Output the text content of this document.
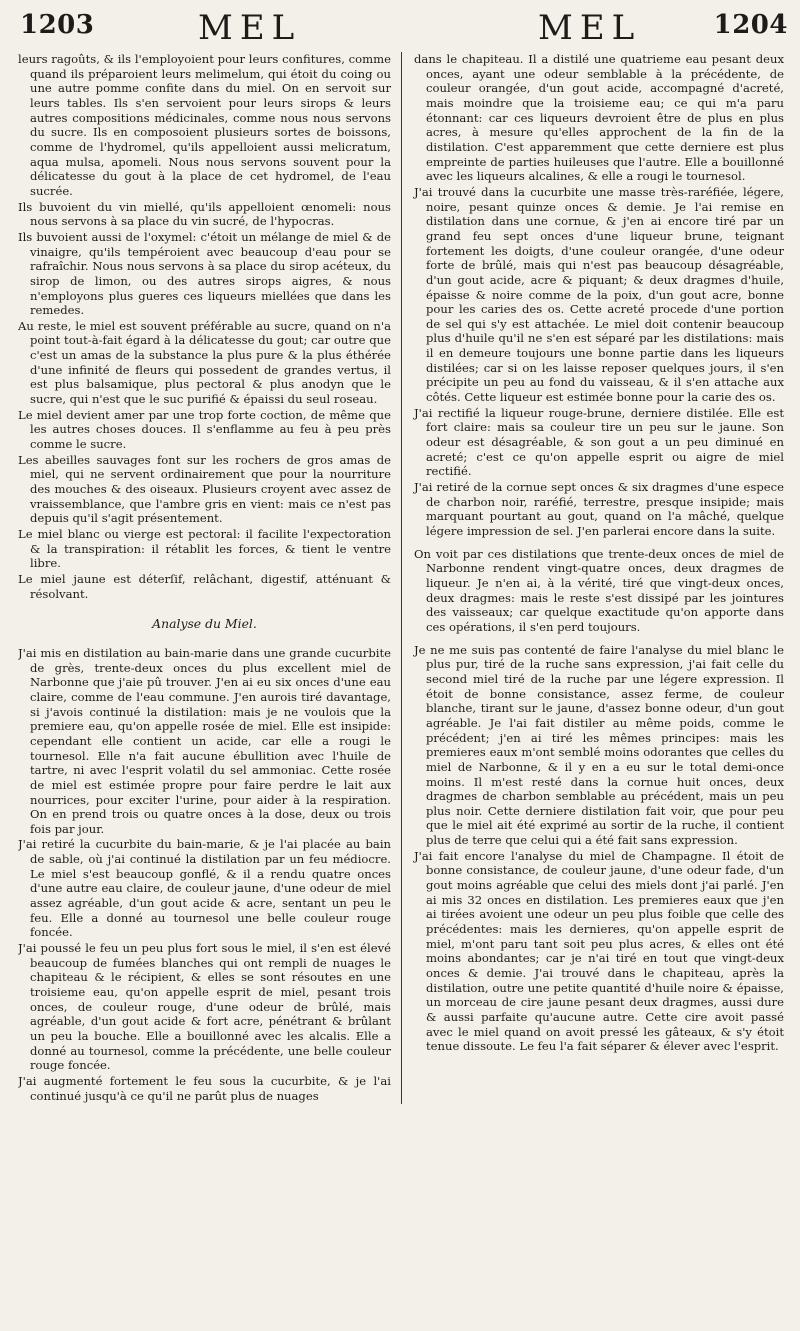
1203	MEL	MEL	1204

leurs ragoûts, & ils l'employoient pour leurs confitures, comme quand ils préparoient leurs melimelum, qui étoit du coing ou une autre pomme confite dans du miel. On en servoit sur leurs tables. Ils s'en servoient pour leurs sirops & leurs autres compositions médicinales, comme nous nous servons du sucre. Ils en composoient plusieurs sortes de boissons, comme de l'hydromel, qu'ils appelloient aussi melicratum, aqua mulsa, apomeli. Nous nous servons souvent pour la délicatesse du gout à la place de cet hydromel, de l'eau sucrée.

Ils buvoient du vin miellé, qu'ils appelloient œnomeli: nous nous servons à sa place du vin sucré, de l'hypocras.

Ils buvoient aussi de l'oxymel: c'étoit un mélange de miel & de vinaigre, qu'ils tempéroient avec beaucoup d'eau pour se rafraîchir. Nous nous servons à sa place du sirop acéteux, du sirop de limon, ou des autres sirops aigres, & nous n'employons plus gueres ces liqueurs miellées que dans les remedes.

Au reste, le miel est souvent préférable au sucre, quand on n'a point tout-à-fait égard à la délicatesse du gout; car outre que c'est un amas de la substance la plus pure & la plus éthérée d'une infinité de fleurs qui possedent de grandes vertus, il est plus balsamique, plus pectoral & plus anodyn que le sucre, qui n'est que le suc purifié & épaissi du seul roseau.

Le miel devient amer par une trop forte coction, de même que les autres choses douces. Il s'enflamme au feu à peu près comme le sucre.

Les abeilles sauvages font sur les rochers de gros amas de miel, qui ne servent ordinairement que pour la nourriture des mouches & des oiseaux. Plusieurs croyent avec assez de vraissemblance, que l'ambre gris en vient: mais ce n'est pas depuis qu'il s'agit présentement.

Le miel blanc ou vierge est pectoral: il facilite l'expectoration & la transpiration: il rétablit les forces, & tient le ventre libre.

Le miel jaune est déterſif, relâchant, digestif, atténuant & résolvant.

Analyse du Miel.

J'ai mis en distilation au bain-marie dans une grande cucurbite de grès, trente-deux onces du plus excellent miel de Narbonne que j'aie pû trouver. J'en ai eu six onces d'une eau claire, comme de l'eau commune. J'en aurois tiré davantage, si j'avois continué la distilation: mais je ne voulois que la premiere eau, qu'on appelle rosée de miel. Elle est insipide: cependant elle contient un acide, car elle a rougi le tournesol. Elle n'a fait aucune ébullition avec l'huile de tartre, ni avec l'esprit volatil du sel ammoniac. Cette rosée de miel est estimée propre pour faire perdre le lait aux nourrices, pour exciter l'urine, pour aider à la respiration. On en prend trois ou quatre onces à la dose, deux ou trois fois par jour.

J'ai retiré la cucurbite du bain-marie, & je l'ai placée au bain de sable, où j'ai continué la distilation par un feu médiocre. Le miel s'est beaucoup gonflé, & il a rendu quatre onces d'une autre eau claire, de couleur jaune, d'une odeur de miel assez agréable, d'un gout acide & acre, sentant un peu le feu. Elle a donné au tournesol une belle couleur rouge foncée.

J'ai poussé le feu un peu plus fort sous le miel, il s'en est élevé beaucoup de fumées blanches qui ont rempli de nuages le chapiteau & le récipient, & elles se sont résoutes en une troisieme eau, qu'on appelle esprit de miel, pesant trois onces, de couleur rouge, d'une odeur de brûlé, mais agréable, d'un gout acide & fort acre, pénétrant & brûlant un peu la bouche. Elle a bouillonné avec les alcalis. Elle a donné au tournesol, comme la précédente, une belle couleur rouge foncée.

J'ai augmenté fortement le feu sous la cucurbite, & je l'ai continué jusqu'à ce qu'il ne parût plus de nuages

dans le chapiteau. Il a distilé une quatrieme eau pesant deux onces, ayant une odeur semblable à la précédente, de couleur orangée, d'un gout acide, accompagné d'acreté, mais moindre que la troisieme eau; ce qui m'a paru étonnant: car ces liqueurs devroient être de plus en plus acres, à mesure qu'elles approchent de la fin de la distilation. C'est apparemment que cette derniere est plus empreinte de parties huileuses que l'autre. Elle a bouillonné avec les liqueurs alcalines, & elle a rougi le tournesol.

J'ai trouvé dans la cucurbite une masse très-raréfiée, légere, noire, pesant quinze onces & demie. Je l'ai remise en distilation dans une cornue, & j'en ai encore tiré par un grand feu sept onces d'une liqueur brune, teignant fortement les doigts, d'une couleur orangée, d'une odeur forte de brûlé, mais qui n'est pas beaucoup désagréable, d'un gout acide, acre & piquant; & deux dragmes d'huile, épaisse & noire comme de la poix, d'un gout acre, bonne pour les caries des os. Cette acreté procede d'une portion de sel qui s'y est attachée. Le miel doit contenir beaucoup plus d'huile qu'il ne s'en est séparé par les distilations: mais il en demeure toujours une bonne partie dans les liqueurs distilées; car si on les laisse reposer quelques jours, il s'en précipite un peu au fond du vaisseau, & il s'en attache aux côtés. Cette liqueur est estimée bonne pour la carie des os.

J'ai rectifié la liqueur rouge-brune, derniere distilée. Elle est fort claire: mais sa couleur tire un peu sur le jaune. Son odeur est désagréable, & son gout a un peu diminué en acreté; c'est ce qu'on appelle esprit ou aigre de miel rectifié.

J'ai retiré de la cornue sept onces & six dragmes d'une espece de charbon noir, raréfié, terrestre, presque insipide; mais marquant pourtant au gout, quand on l'a mâché, quelque légere impression de sel. J'en parlerai encore dans la suite.

On voit par ces distilations que trente-deux onces de miel de Narbonne rendent vingt-quatre onces, deux dragmes de liqueur. Je n'en ai, à la vérité, tiré que vingt-deux onces, deux dragmes: mais le reste s'est dissipé par les jointures des vaisseaux; car quelque exactitude qu'on apporte dans ces opérations, il s'en perd toujours.

Je ne me suis pas contenté de faire l'analyse du miel blanc le plus pur, tiré de la ruche sans expression, j'ai fait celle du second miel tiré de la ruche par une légere expression. Il étoit de bonne consistance, assez ferme, de couleur blanche, tirant sur le jaune, d'assez bonne odeur, d'un gout agréable. Je l'ai fait distiler au même poids, comme le précédent; j'en ai tiré les mêmes principes: mais les premieres eaux m'ont semblé moins odorantes que celles du miel de Narbonne, & il y en a eu sur le total demi-once moins. Il m'est resté dans la cornue huit onces, deux dragmes de charbon semblable au précédent, mais un peu plus noir. Cette derniere distilation fait voir, que pour peu que le miel ait été exprimé au sortir de la ruche, il contient plus de terre que celui qui a été fait sans expression.

J'ai fait encore l'analyse du miel de Champagne. Il étoit de bonne consistance, de couleur jaune, d'une odeur fade, d'un gout moins agréable que celui des miels dont j'ai parlé. J'en ai mis 32 onces en distilation. Les premieres eaux que j'en ai tirées avoient une odeur un peu plus foible que celle des précédentes: mais les dernieres, qu'on appelle esprit de miel, m'ont paru tant soit peu plus acres, & elles ont été moins abondantes; car je n'ai tiré en tout que vingt-deux onces & demie. J'ai trouvé dans le chapiteau, après la distilation, outre une petite quantité d'huile noire & épaisse, un morceau de cire jaune pesant deux dragmes, aussi dure & aussi parfaite qu'aucune autre. Cette cire avoit passé avec le miel quand on avoit pressé les gâteaux, & s'y étoit tenue dissoute. Le feu l'a fait séparer & élever avec l'esprit.
